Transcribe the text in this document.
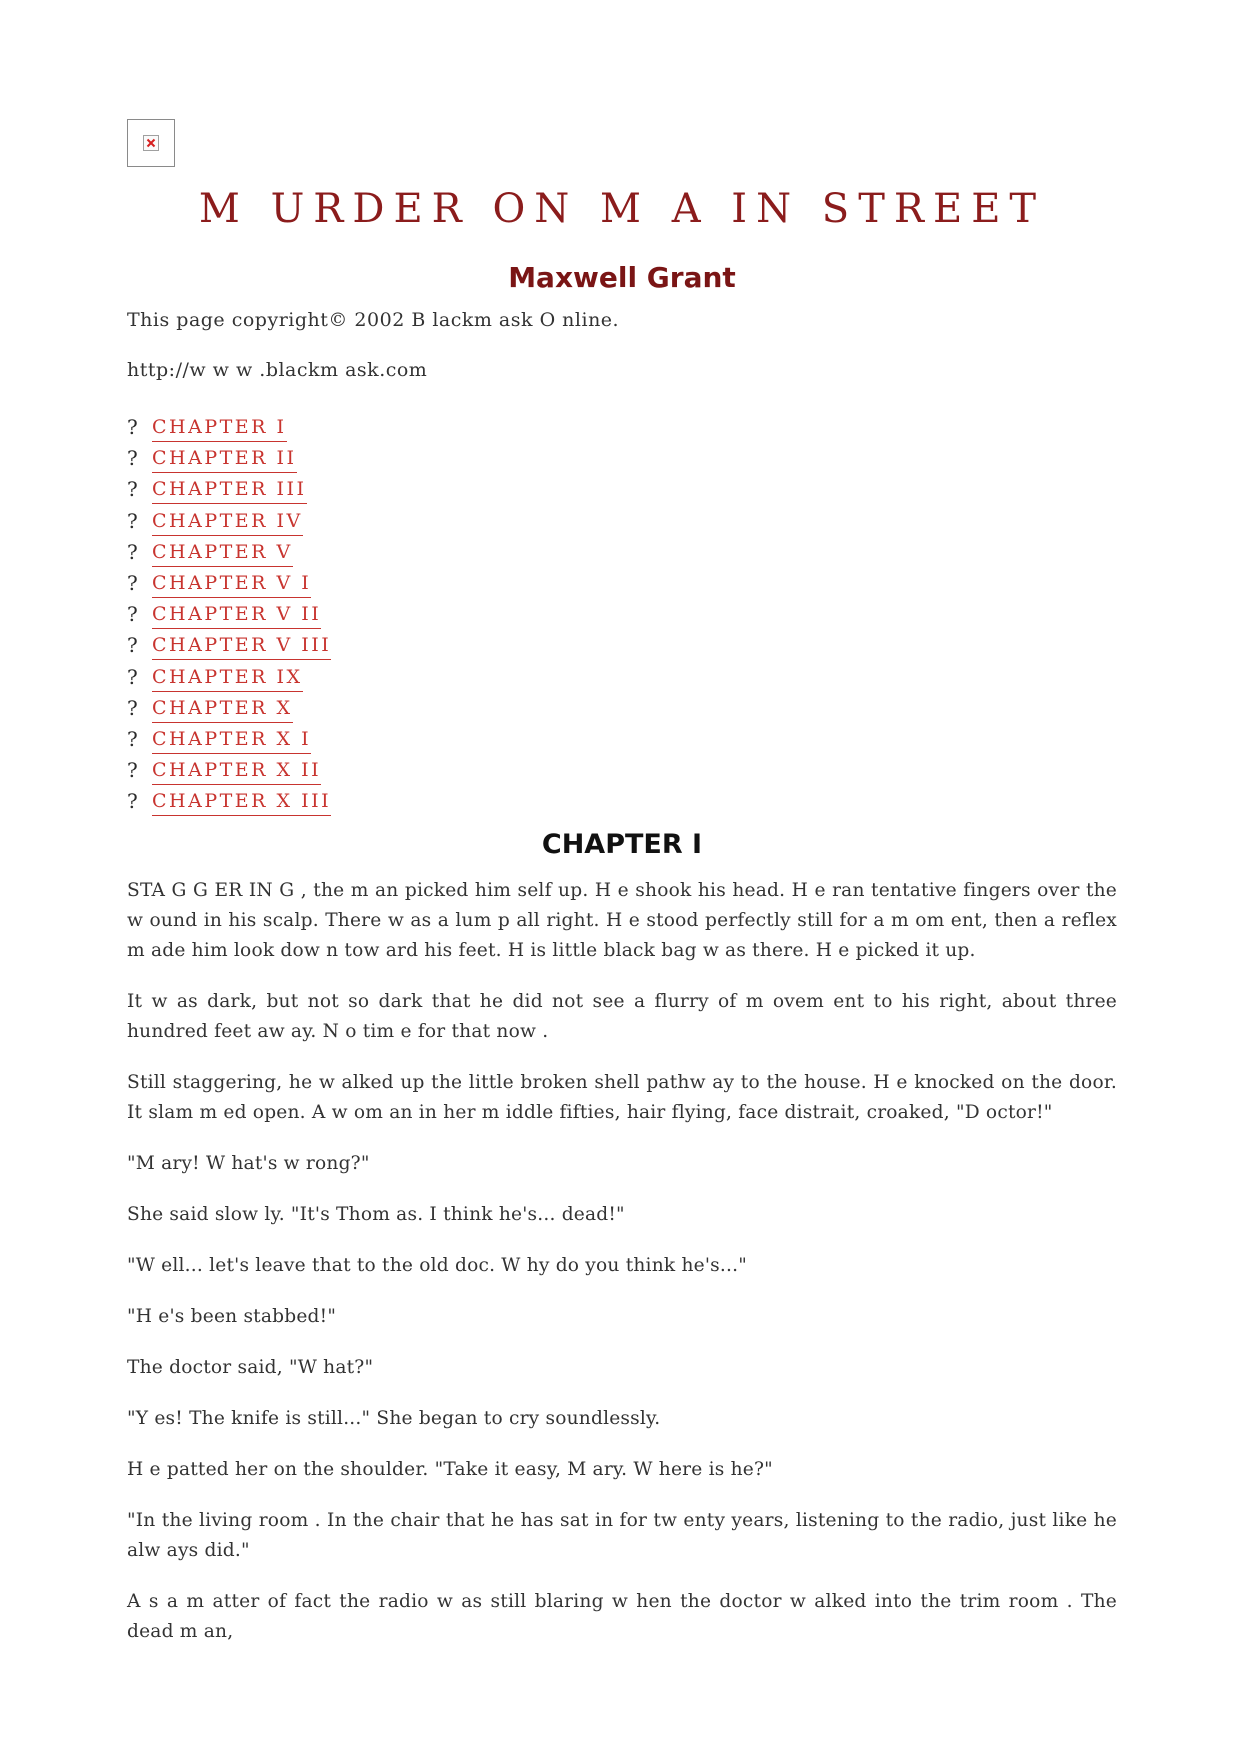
M URDER ON M A IN STREET
Maxwell Grant

This page copyright© 2002 B lackm ask O nline.

http://w w w .blackm ask.com

? CHAPTER I
? CHAPTER II
? CHAPTER III
? CHAPTER IV
? CHAPTER V
? CHAPTER V I
? CHAPTER V II
? CHAPTER V III
? CHAPTER IX
? CHAPTER X
? CHAPTER X I
? CHAPTER X II
? CHAPTER X III
CHAPTER I

STA G G ER IN G , the m an picked him self up. H e shook his head. H e ran tentative fingers over the w ound in his scalp. There w as a lum p all right. H e stood perfectly still for a m om ent, then a reflex m ade him look dow n tow ard his feet. H is little black bag w as there. H e picked it up.

It w as dark, but not so dark that he did not see a flurry of m ovem ent to his right, about three hundred feet aw ay. N o tim e for that now .

Still staggering, he w alked up the little broken shell pathw ay to the house. H e knocked on the door. It slam m ed open. A w om an in her m iddle fifties, hair flying, face distrait, croaked, "D octor!"

"M ary! W hat's w rong?"

She said slow ly. "It's Thom as. I think he's... dead!"

"W ell... let's leave that to the old doc. W hy do you think he's..."

"H e's been stabbed!"

The doctor said, "W hat?"

"Y es! The knife is still..." She began to cry soundlessly.

H e patted her on the shoulder. "Take it easy, M ary. W here is he?"

"In the living room . In the chair that he has sat in for tw enty years, listening to the radio, just like he alw ays did."

A s a m atter of fact the radio w as still blaring w hen the doctor w alked into the trim room . The dead m an,
